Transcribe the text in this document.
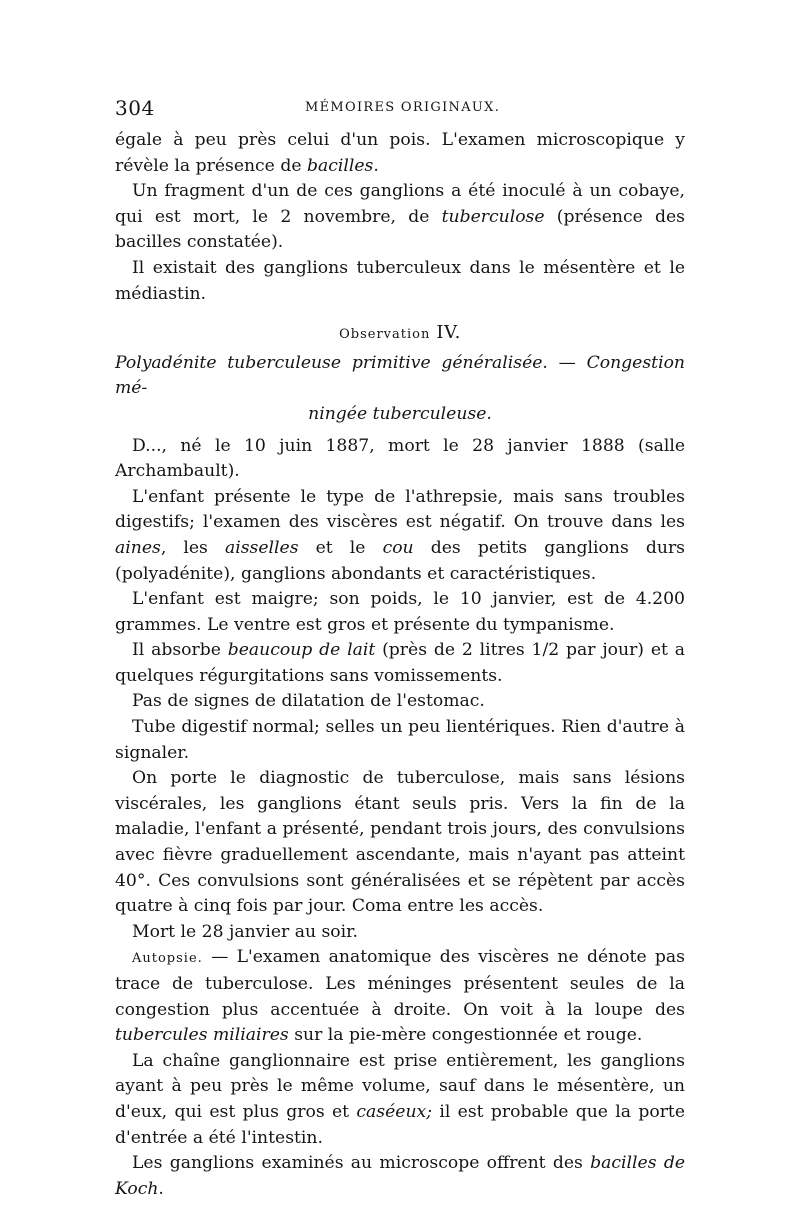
304	MÉMOIRES ORIGINAUX.

égale à peu près celui d'un pois. L'examen microscopique y révèle la présence de bacilles.

Un fragment d'un de ces ganglions a été inoculé à un cobaye, qui est mort, le 2 novembre, de tuberculose (présence des bacilles constatée).

Il existait des ganglions tuberculeux dans le mésentère et le médiastin.

Observation IV.

Polyadénite tuberculeuse primitive généralisée. — Congestion mé-
ningée tuberculeuse.

D..., né le 10 juin 1887, mort le 28 janvier 1888 (salle Archambault).

L'enfant présente le type de l'athrepsie, mais sans troubles digestifs; l'examen des viscères est négatif. On trouve dans les aines, les aisselles et le cou des petits ganglions durs (polyadénite), ganglions abondants et caractéristiques.

L'enfant est maigre; son poids, le 10 janvier, est de 4.200 grammes. Le ventre est gros et présente du tympanisme.

Il absorbe beaucoup de lait (près de 2 litres 1/2 par jour) et a quelques régurgitations sans vomissements.

Pas de signes de dilatation de l'estomac.

Tube digestif normal; selles un peu lientériques. Rien d'autre à signaler.

On porte le diagnostic de tuberculose, mais sans lésions viscérales, les ganglions étant seuls pris. Vers la fin de la maladie, l'enfant a présenté, pendant trois jours, des convulsions avec fièvre graduellement ascendante, mais n'ayant pas atteint 40°. Ces convulsions sont généralisées et se répètent par accès quatre à cinq fois par jour. Coma entre les accès.

Mort le 28 janvier au soir.

Autopsie. — L'examen anatomique des viscères ne dénote pas trace de tuberculose. Les méninges présentent seules de la congestion plus accentuée à droite. On voit à la loupe des tubercules miliaires sur la pie-mère congestionnée et rouge.

La chaîne ganglionnaire est prise entièrement, les ganglions ayant à peu près le même volume, sauf dans le mésentère, un d'eux, qui est plus gros et caséeux; il est probable que la porte d'entrée a été l'intestin.

Les ganglions examinés au microscope offrent des bacilles de Koch.
